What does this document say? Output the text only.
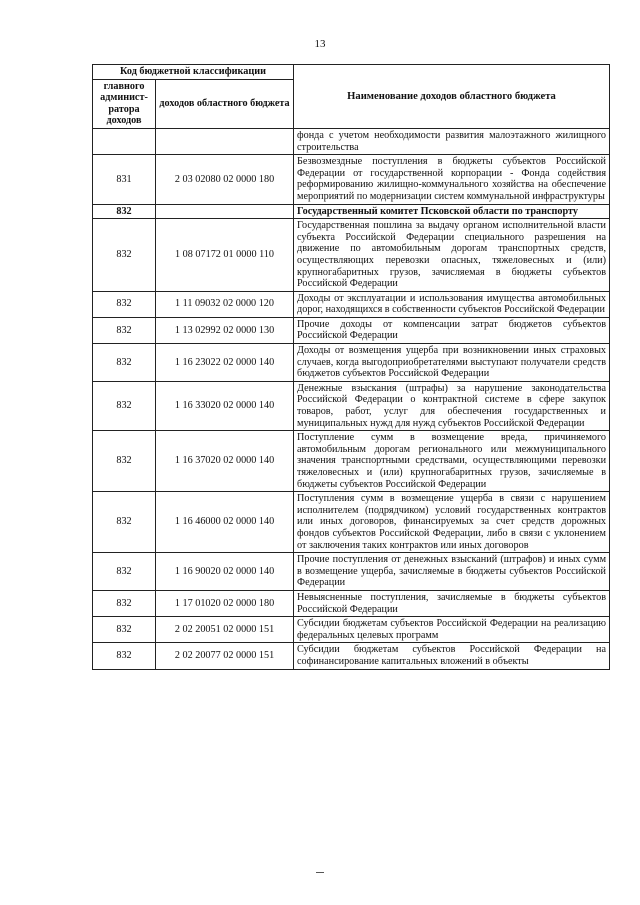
13
Код бюджетной классификации		Наименование доходов областного бюджета
главного админист-ратора доходов	доходов областного бюджета	
		фонда с учетом необходимости развития малоэтажного жилищного строительства
831	2 03 02080 02 0000 180	Безвозмездные поступления в бюджеты субъектов Российской Федерации от государственной корпорации - Фонда содействия реформированию жилищно-коммунального хозяйства на обеспечение мероприятий по модернизации систем коммунальной инфраструктуры
832		Государственный комитет Псковской области по транспорту
832	1 08 07172 01 0000 110	Государственная пошлина за выдачу органом исполнительной власти субъекта Российской Федерации специального разрешения на движение по автомобильным дорогам транспортных средств, осуществляющих перевозки опасных, тяжеловесных и (или) крупногабаритных грузов, зачисляемая в бюджеты субъектов Российской Федерации
832	1 11 09032 02 0000 120	Доходы от эксплуатации и использования имущества автомобильных дорог, находящихся в собственности субъектов Российской Федерации
832	1 13 02992 02 0000 130	Прочие доходы от компенсации затрат бюджетов субъектов Российской Федерации
832	1 16 23022 02 0000 140	Доходы от возмещения ущерба при возникновении иных страховых случаев, когда выгодоприобретателями выступают получатели средств бюджетов субъектов Российской Федерации
832	1 16 33020 02 0000 140	Денежные взыскания (штрафы) за нарушение законодательства Российской Федерации о контрактной системе в сфере закупок товаров, работ, услуг для обеспечения государственных и муниципальных нужд для нужд субъектов Российской Федерации
832	1 16 37020 02 0000 140	Поступление сумм в возмещение вреда, причиняемого автомобильным дорогам регионального или межмуниципального значения транспортными средствами, осуществляющими перевозки тяжеловесных и (или) крупногабаритных грузов, зачисляемые в бюджеты субъектов Российской Федерации
832	1 16 46000 02 0000 140	Поступления сумм в возмещение ущерба в связи с нарушением исполнителем (подрядчиком) условий государственных контрактов или иных договоров, финансируемых за счет средств дорожных фондов субъектов Российской Федерации, либо в связи с уклонением от заключения таких контрактов или иных договоров
832	1 16 90020 02 0000 140	Прочие поступления от денежных взысканий (штрафов) и иных сумм в возмещение ущерба, зачисляемые в бюджеты субъектов Российской Федерации
832	1 17 01020 02 0000 180	Невыясненные поступления, зачисляемые в бюджеты субъектов Российской Федерации
832	2 02 20051 02 0000 151	Субсидии бюджетам субъектов Российской Федерации на реализацию федеральных целевых программ
832	2 02 20077 02 0000 151	Субсидии бюджетам субъектов Российской Федерации на софинансирование капитальных вложений в объекты
